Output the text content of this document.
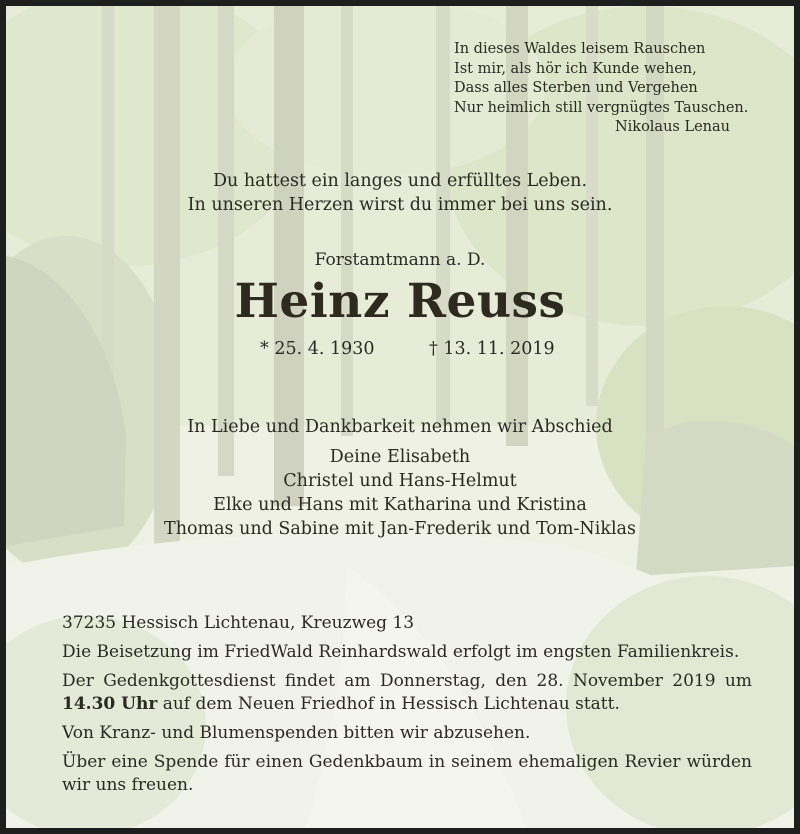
In dieses Waldes leisem Rauschen
Ist mir, als hör ich Kunde wehen,
Dass alles Sterben und Vergehen
Nur heimlich still vergnügtes Tauschen.
Nikolaus Lenau
Du hattest ein langes und erfülltes Leben.
In unseren Herzen wirst du immer bei uns sein.
Forstamtmann a. D.
Heinz Reuss
* 25. 4. 1930	† 13. 11. 2019
In Liebe und Dankbarkeit nehmen wir Abschied
Deine Elisabeth
Christel und Hans-Helmut
Elke und Hans mit Katharina und Kristina
Thomas und Sabine mit Jan-Frederik und Tom-Niklas

37235 Hessisch Lichtenau, Kreuzweg 13

Die Beisetzung im FriedWald Reinhardswald erfolgt im engsten Familienkreis.

Der Gedenkgottesdienst findet am Donnerstag, den 28. November 2019 um 14.30 Uhr auf dem Neuen Friedhof in Hessisch Lichtenau statt.

Von Kranz- und Blumenspenden bitten wir abzusehen.

Über eine Spende für einen Gedenkbaum in seinem ehemaligen Revier würden wir uns freuen.
